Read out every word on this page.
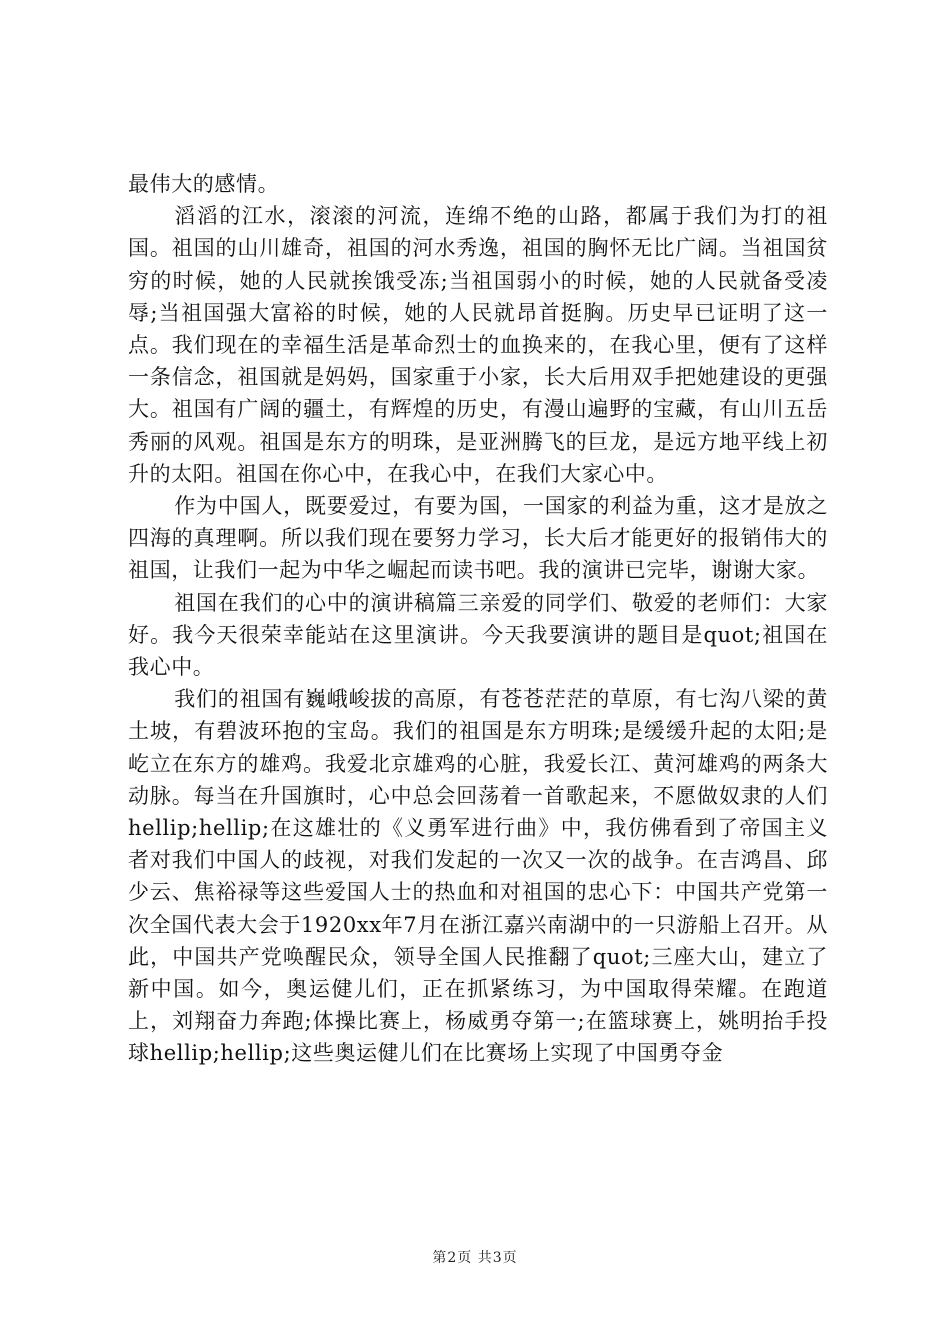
最伟大的感情。

滔滔的江水，滚滚的河流，连绵不绝的山路，都属于我们为打的祖国。祖国的山川雄奇，祖国的河水秀逸，祖国的胸怀无比广阔。当祖国贫穷的时候，她的人民就挨饿受冻;当祖国弱小的时候，她的人民就备受凌辱;当祖国强大富裕的时候，她的人民就昂首挺胸。历史早已证明了这一点。我们现在的幸福生活是革命烈士的血换来的，在我心里，便有了这样一条信念，祖国就是妈妈，国家重于小家，长大后用双手把她建设的更强大。祖国有广阔的疆土，有辉煌的历史，有漫山遍野的宝藏，有山川五岳秀丽的风观。祖国是东方的明珠，是亚洲腾飞的巨龙，是远方地平线上初升的太阳。祖国在你心中，在我心中，在我们大家心中。

作为中国人，既要爱过，有要为国，一国家的利益为重，这才是放之四海的真理啊。所以我们现在要努力学习，长大后才能更好的报销伟大的祖国，让我们一起为中华之崛起而读书吧。我的演讲已完毕，谢谢大家。

祖国在我们的心中的演讲稿篇三亲爱的同学们、敬爱的老师们：大家好。我今天很荣幸能站在这里演讲。今天我要演讲的题目是quot;祖国在我心中。

我们的祖国有巍峨峻拔的高原，有苍苍茫茫的草原，有七沟八梁的黄土坡，有碧波环抱的宝岛。我们的祖国是东方明珠;是缓缓升起的太阳;是屹立在东方的雄鸡。我爱北京雄鸡的心脏，我爱长江、黄河雄鸡的两条大动脉。每当在升国旗时，心中总会回荡着一首歌起来，不愿做奴隶的人们hellip;hellip;在这雄壮的《义勇军进行曲》中，我仿佛看到了帝国主义者对我们中国人的歧视，对我们发起的一次又一次的战争。在吉鸿昌、邱少云、焦裕禄等这些爱国人士的热血和对祖国的忠心下：中国共产党第一次全国代表大会于1920xx年7月在浙江嘉兴南湖中的一只游船上召开。从此，中国共产党唤醒民众，领导全国人民推翻了quot;三座大山，建立了新中国。如今，奥运健儿们，正在抓紧练习，为中国取得荣耀。在跑道上，刘翔奋力奔跑;体操比赛上，杨威勇夺第一;在篮球赛上，姚明抬手投球hellip;hellip;这些奥运健儿们在比赛场上实现了中国勇夺金

第2页 共3页
